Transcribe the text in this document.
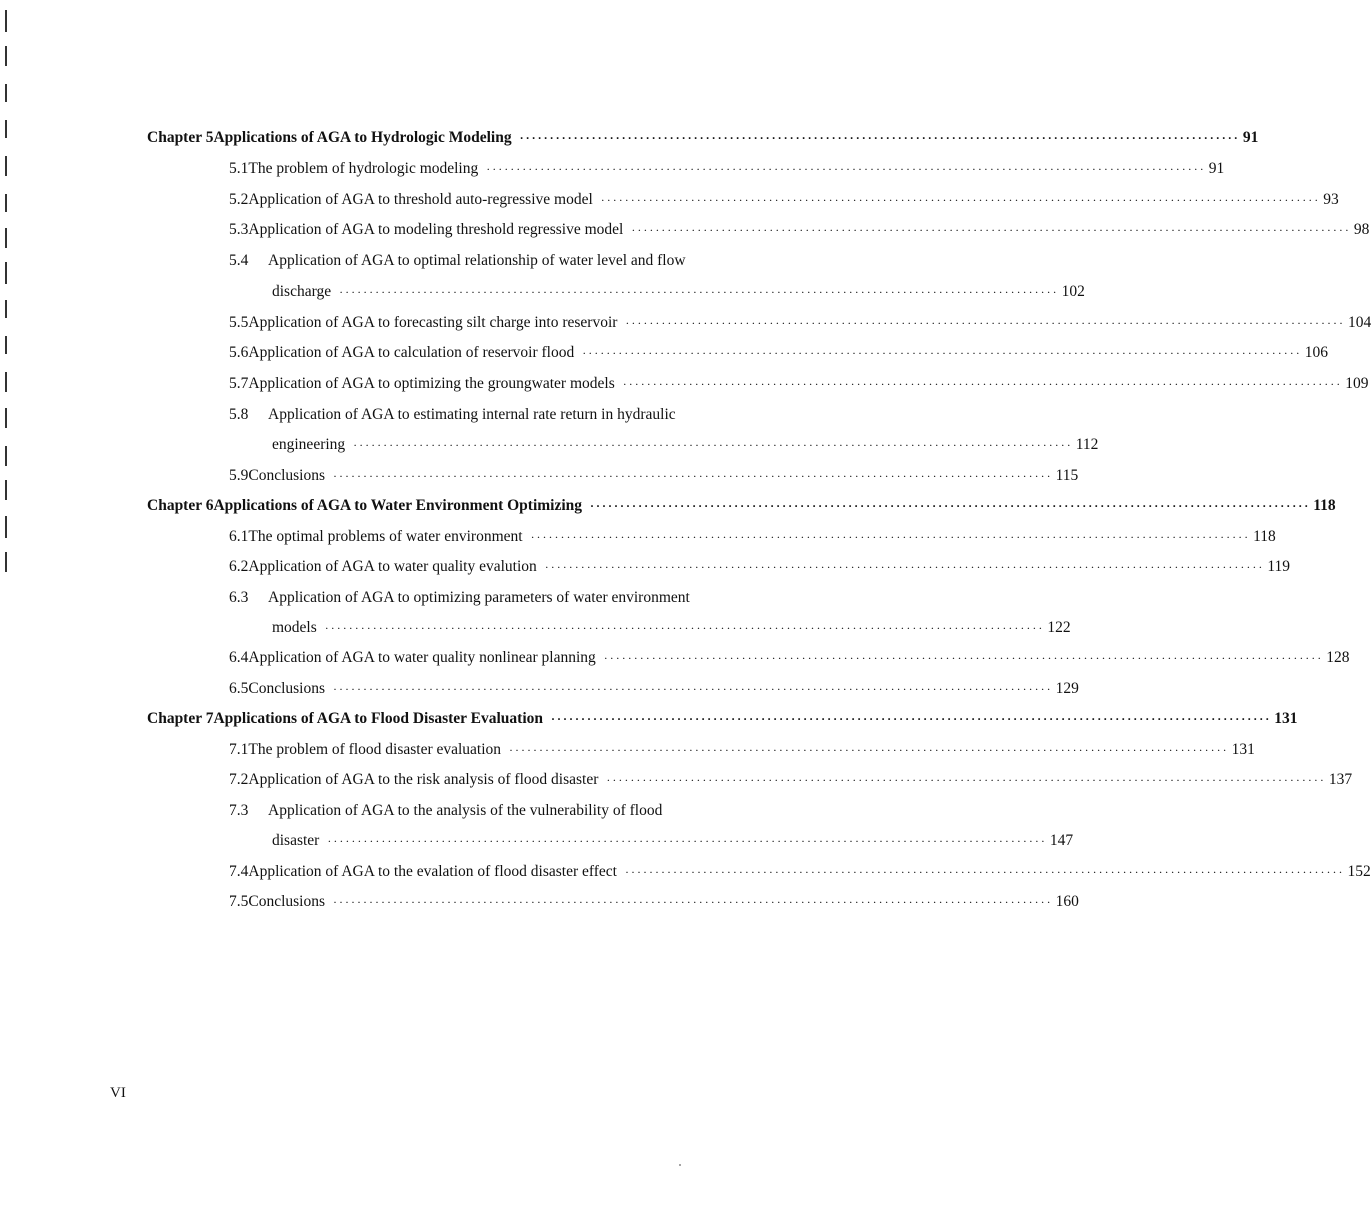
Chapter 5 Applications of AGA to Hydrologic Modeling ························································································································ 91
5.1 The problem of hydrologic modeling ························································································································ 91
5.2 Application of AGA to threshold auto-regressive model ························································································································ 93
5.3 Application of AGA to modeling threshold regressive model ························································································································ 98
5.4	Application of AGA to optimal relationship of water level and flow
discharge ························································································································ 102
5.5 Application of AGA to forecasting silt charge into reservoir ························································································································ 104
5.6 Application of AGA to calculation of reservoir flood ························································································································ 106
5.7 Application of AGA to optimizing the groungwater models ························································································································ 109
5.8	Application of AGA to estimating internal rate return in hydraulic
engineering ························································································································ 112
5.9 Conclusions ························································································································ 115
Chapter 6 Applications of AGA to Water Environment Optimizing ························································································································ 118
6.1 The optimal problems of water environment ························································································································ 118
6.2 Application of AGA to water quality evalution ························································································································ 119
6.3	Application of AGA to optimizing parameters of water environment
models ························································································································ 122
6.4 Application of AGA to water quality nonlinear planning ························································································································ 128
6.5 Conclusions ························································································································ 129
Chapter 7 Applications of AGA to Flood Disaster Evaluation ························································································································ 131
7.1 The problem of flood disaster evaluation ························································································································ 131
7.2 Application of AGA to the risk analysis of flood disaster ························································································································ 137
7.3	Application of AGA to the analysis of the vulnerability of flood
disaster ························································································································ 147
7.4 Application of AGA to the evalation of flood disaster effect ························································································································ 152
7.5 Conclusions ························································································································ 160
VI
